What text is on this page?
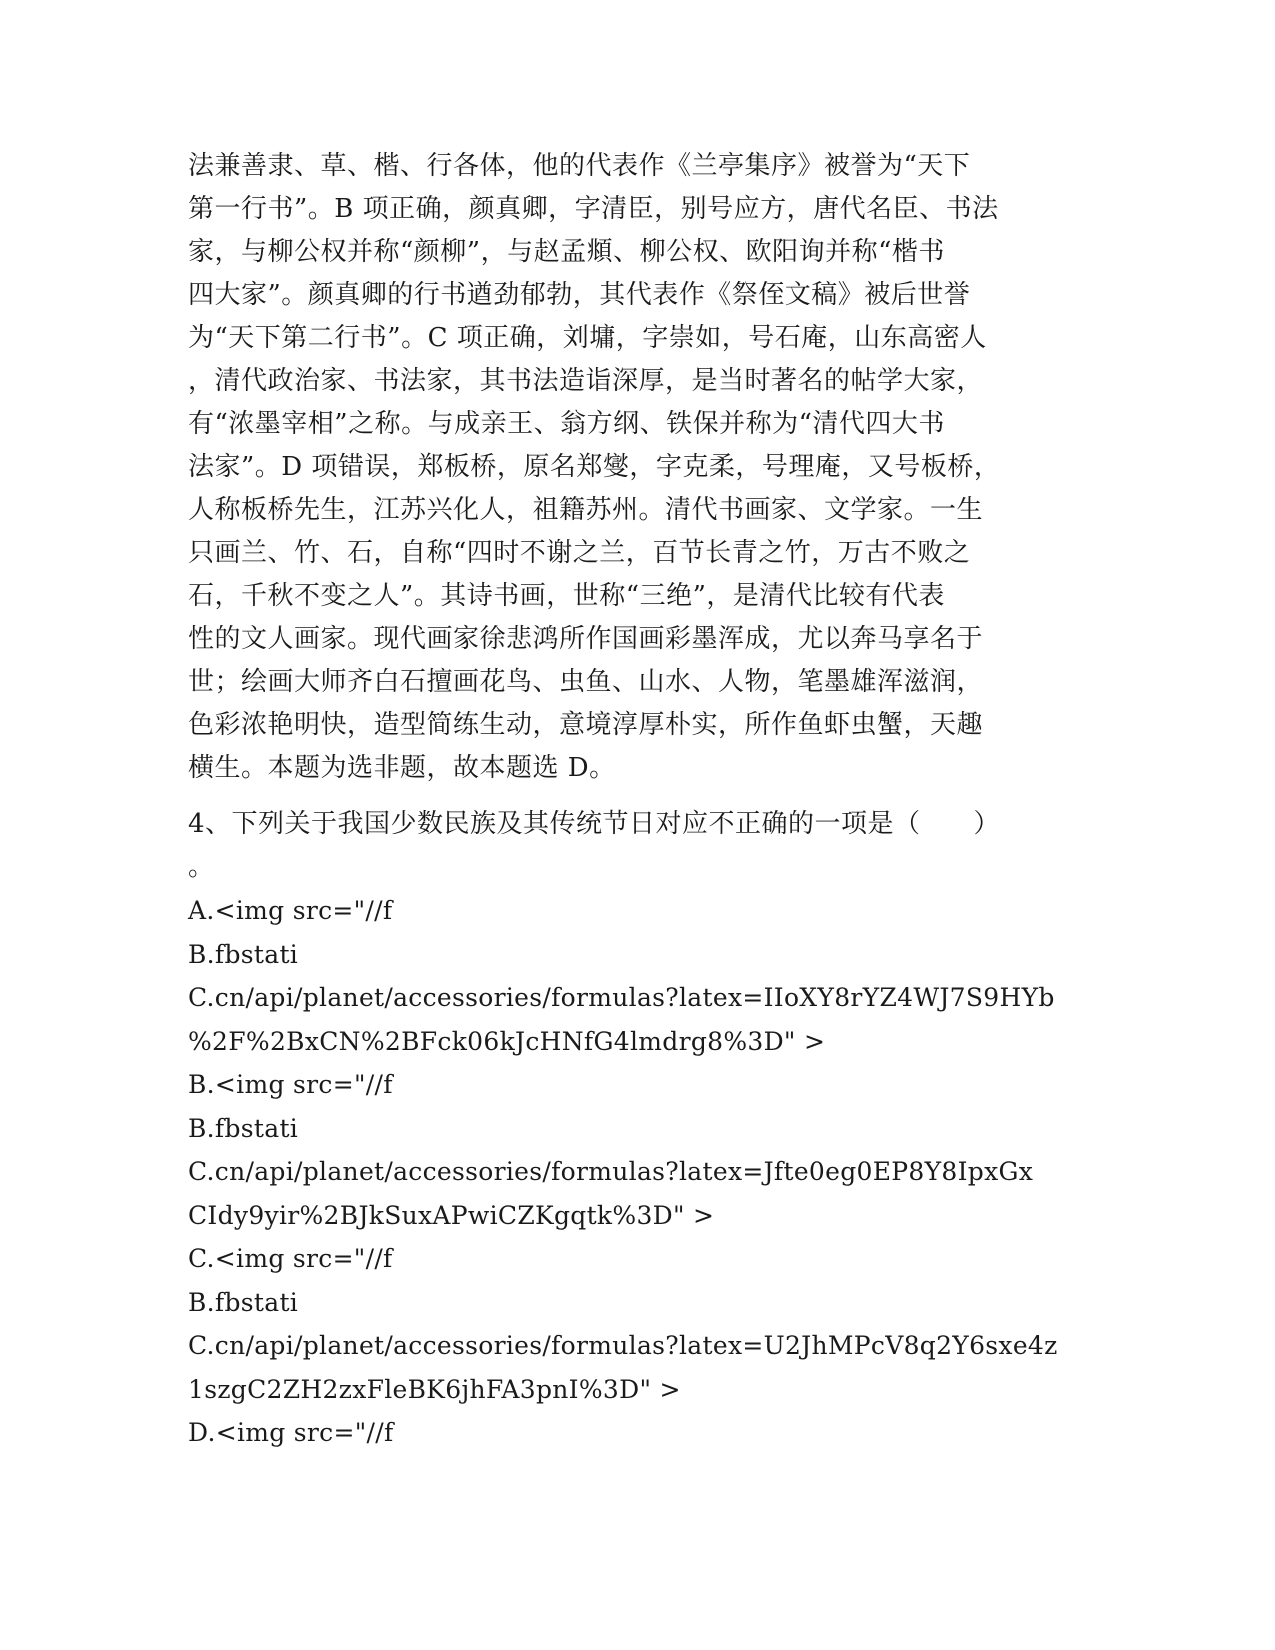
法兼善隶、草、楷、行各体，他的代表作《兰亭集序》被誉为“天下
第一行书”。B 项正确，颜真卿，字清臣，别号应方，唐代名臣、书法
家，与柳公权并称“颜柳”，与赵孟頫、柳公权、欧阳询并称“楷书
四大家”。颜真卿的行书遒劲郁勃，其代表作《祭侄文稿》被后世誉
为“天下第二行书”。C 项正确，刘墉，字崇如，号石庵，山东高密人
，清代政治家、书法家，其书法造诣深厚，是当时著名的帖学大家，
有“浓墨宰相”之称。与成亲王、翁方纲、铁保并称为“清代四大书
法家”。D 项错误，郑板桥，原名郑燮，字克柔，号理庵，又号板桥，
人称板桥先生，江苏兴化人，祖籍苏州。清代书画家、文学家。一生
只画兰、竹、石，自称“四时不谢之兰，百节长青之竹，万古不败之
石，千秋不变之人”。其诗书画，世称“三绝”，是清代比较有代表
性的文人画家。现代画家徐悲鸿所作国画彩墨浑成，尤以奔马享名于
世；绘画大师齐白石擅画花鸟、虫鱼、山水、人物，笔墨雄浑滋润，
色彩浓艳明快，造型简练生动，意境淳厚朴实，所作鱼虾虫蟹，天趣
横生。本题为选非题，故本题选 D。
4、下列关于我国少数民族及其传统节日对应不正确的一项是（　　）
。
A.<img src="//f
B.fbstati
C.cn/api/planet/accessories/formulas?latex=IIoXY8rYZ4WJ7S9HYb
%2F%2BxCN%2BFck06kJcHNfG4lmdrg8%3D" >
B.<img src="//f
B.fbstati
C.cn/api/planet/accessories/formulas?latex=Jfte0eg0EP8Y8IpxGx
CIdy9yir%2BJkSuxAPwiCZKgqtk%3D" >
C.<img src="//f
B.fbstati
C.cn/api/planet/accessories/formulas?latex=U2JhMPcV8q2Y6sxe4z
1szgC2ZH2zxFleBK6jhFA3pnI%3D" >
D.<img src="//f
